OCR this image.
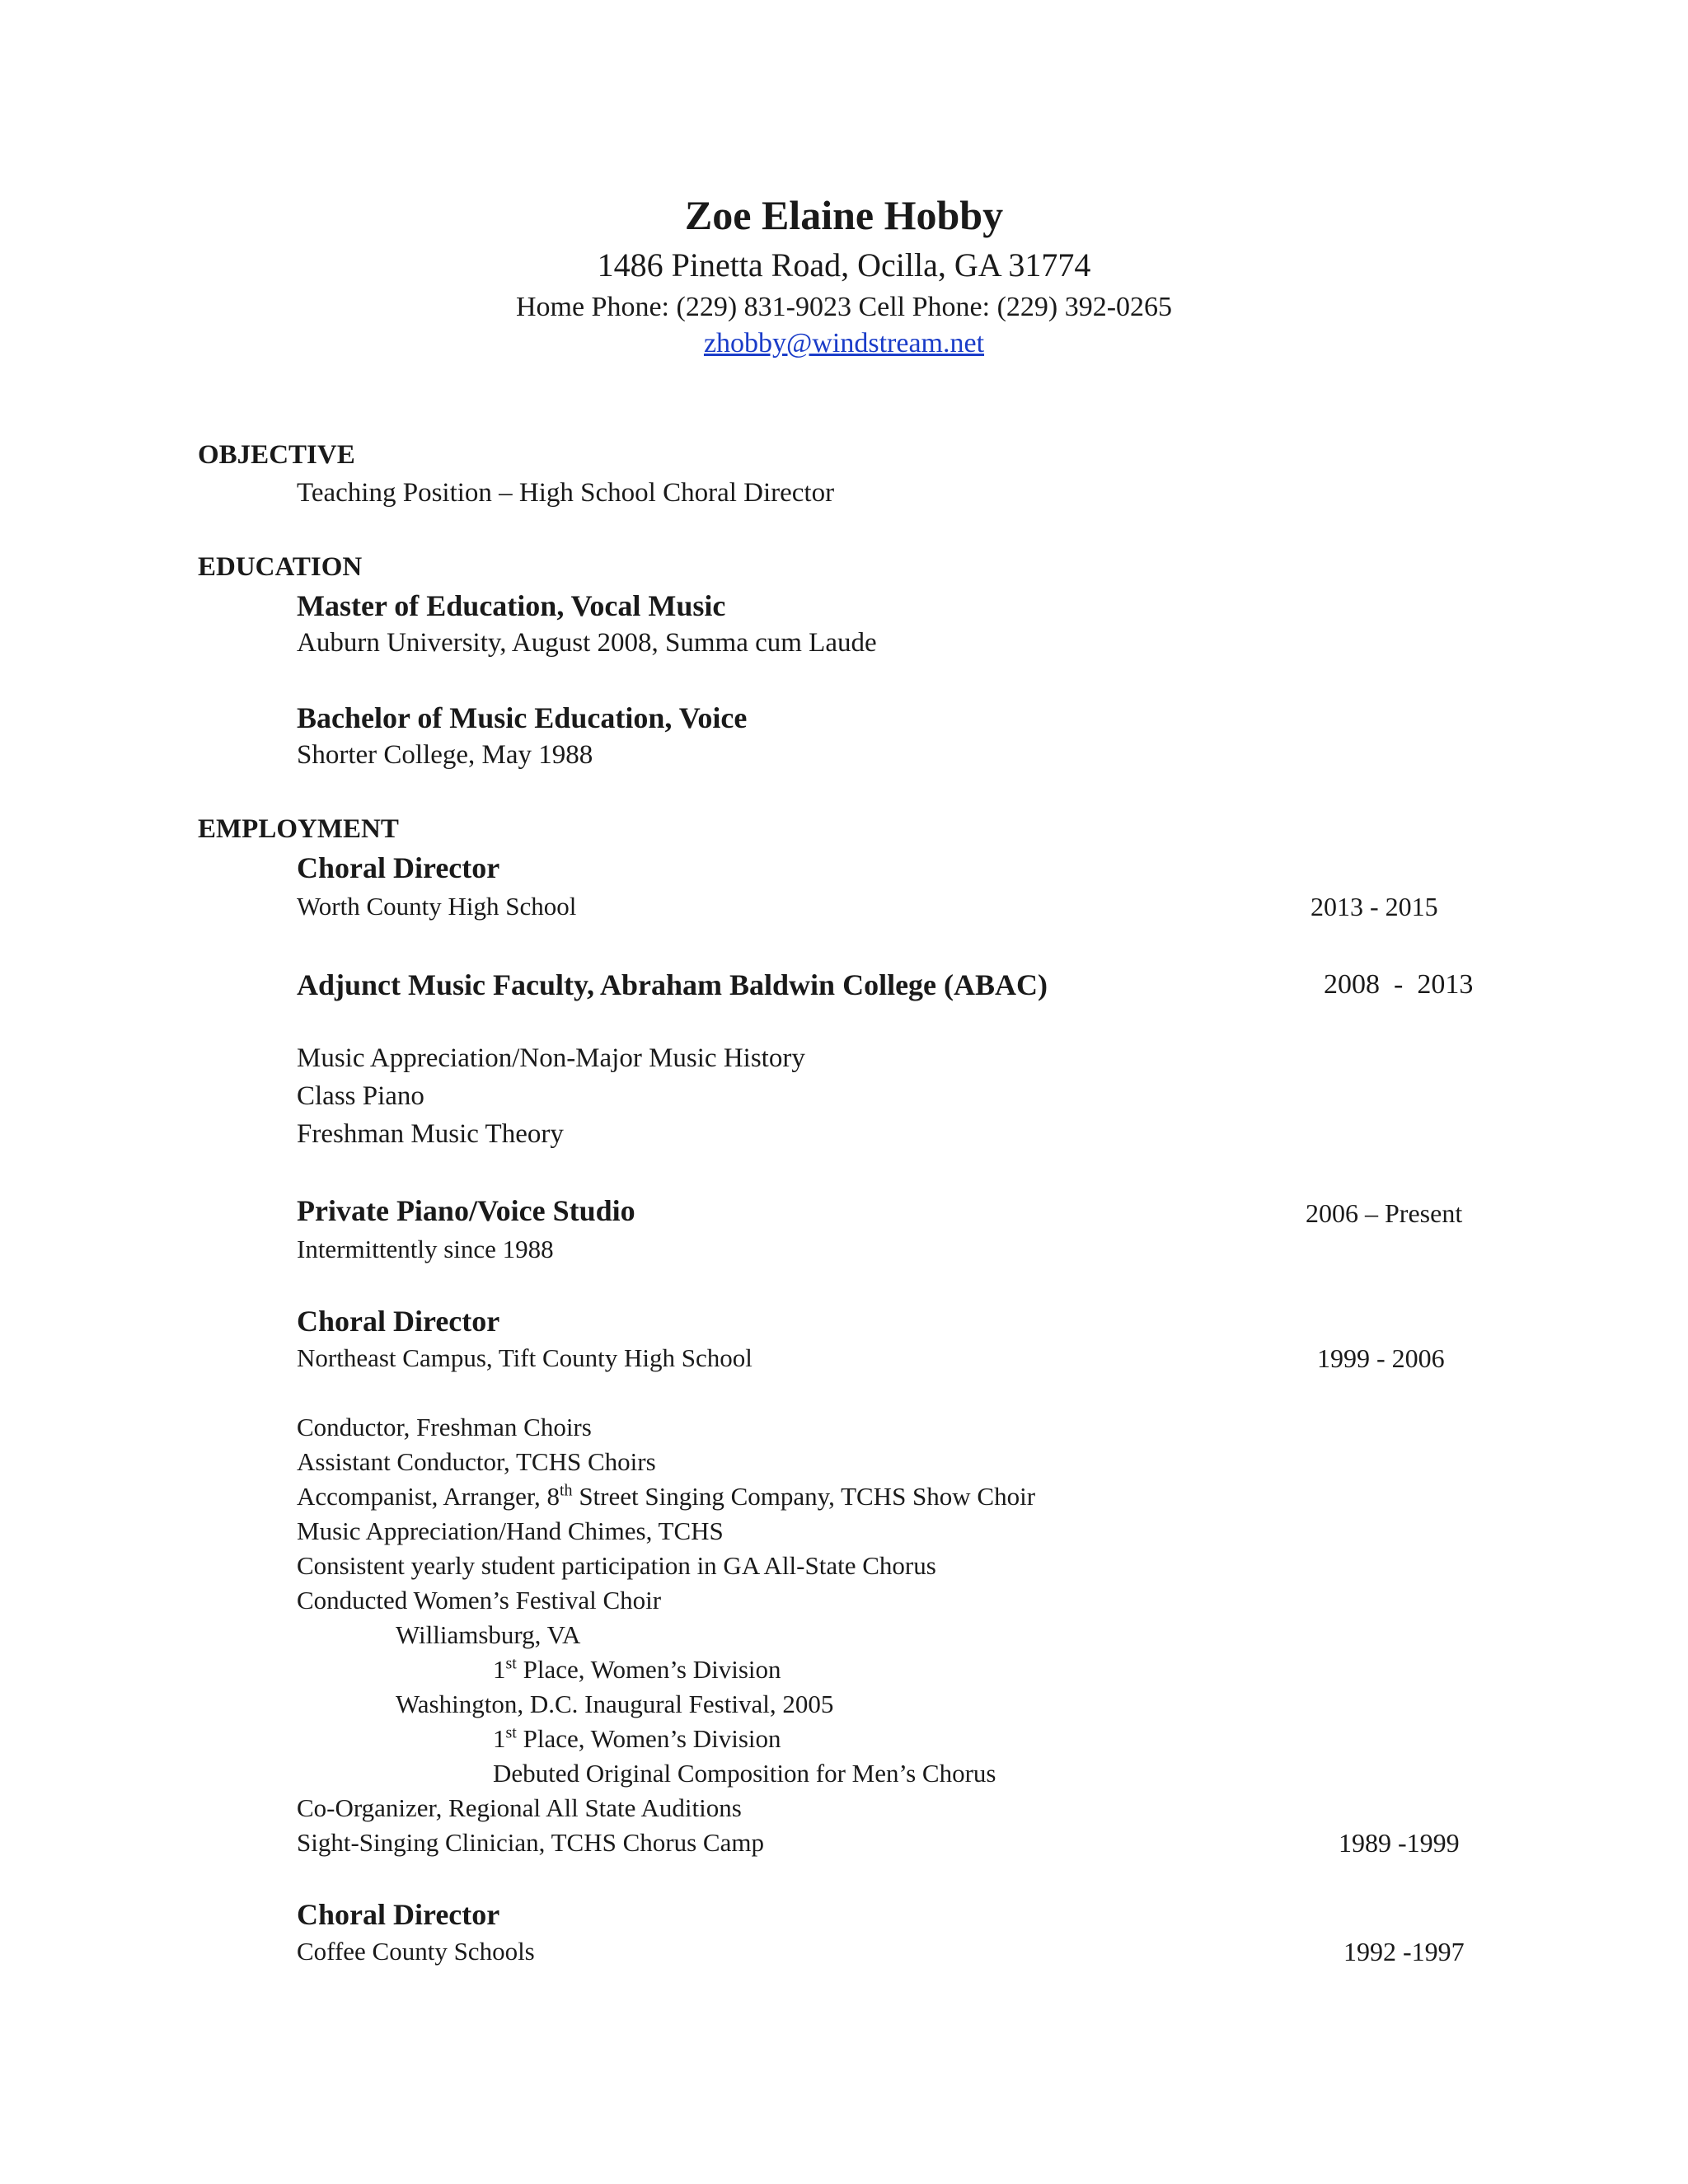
Zoe Elaine Hobby
1486 Pinetta Road, Ocilla, GA 31774
Home Phone: (229) 831-9023 Cell Phone: (229) 392-0265
zhobby@windstream.net
OBJECTIVE
Teaching Position – High School Choral Director
EDUCATION
Master of Education, Vocal Music
Auburn University, August 2008, Summa cum Laude
Bachelor of Music Education, Voice
Shorter College, May 1988
EMPLOYMENT
Choral Director
Worth County High School	2013 - 2015
Adjunct Music Faculty, Abraham Baldwin College (ABAC)	2008  -  2013
Music Appreciation/Non-Major Music History
Class Piano
Freshman Music Theory
Private Piano/Voice Studio	2006 – Present
Intermittently since 1988
Choral Director
Northeast Campus, Tift County High School	1999 - 2006
Conductor, Freshman Choirs
Assistant Conductor, TCHS Choirs
Accompanist, Arranger, 8th Street Singing Company, TCHS Show Choir
Music Appreciation/Hand Chimes, TCHS
Consistent yearly student participation in GA All-State Chorus
Conducted Women’s Festival Choir
Williamsburg, VA
1st Place, Women’s Division
Washington, D.C. Inaugural Festival, 2005
1st Place, Women’s Division
Debuted Original Composition for Men’s Chorus
Co-Organizer, Regional All State Auditions
Sight-Singing Clinician, TCHS Chorus Camp	1989 -1999
Choral Director
Coffee County Schools	1992 -1997
